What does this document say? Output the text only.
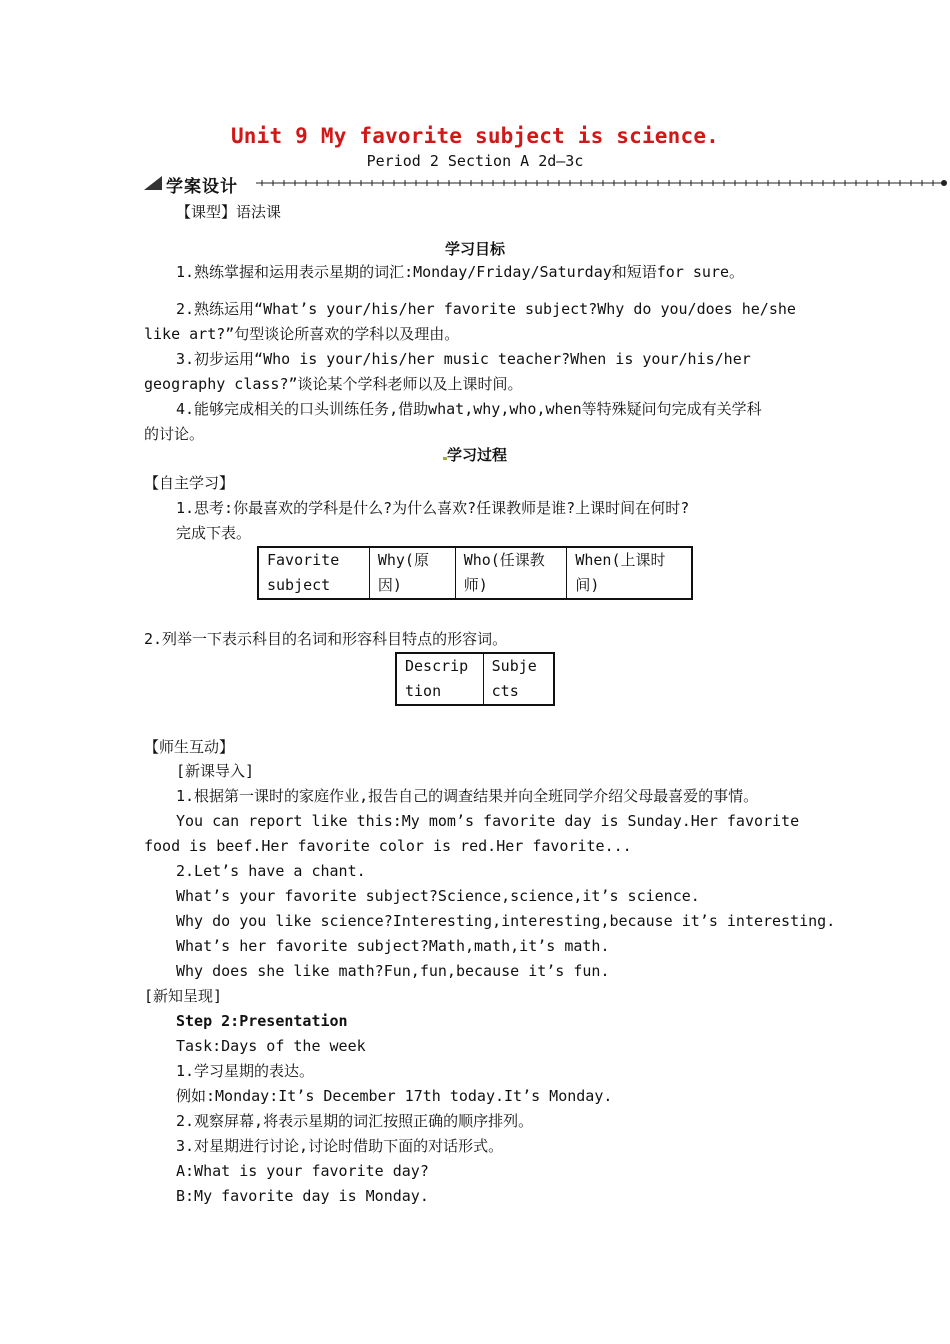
Unit 9 My favorite subject is science.
Period 2 Section A 2d—3c
学案设计
【课型】语法课
学习目标
1.熟练掌握和运用表示星期的词汇:Monday/Friday/Saturday和短语for sure。
2.熟练运用“What’s your/his/her favorite subject?Why do you/does he/she
like art?”句型谈论所喜欢的学科以及理由。
3.初步运用“Who is your/his/her music teacher?When is your/his/her
geography class?”谈论某个学科老师以及上课时间。
4.能够完成相关的口头训练任务,借助what,why,who,when等特殊疑问句完成有关学科
的讨论。
学习过程
【自主学习】
1.思考:你最喜欢的学科是什么?为什么喜欢?任课教师是谁?上课时间在何时?
完成下表。
Favorite subject	Why(原因)	Who(任课教师)	When(上课时间)
2.列举一下表示科目的名词和形容科目特点的形容词。
Description	Subjects
【师生互动】
[新课导入]
1.根据第一课时的家庭作业,报告自己的调查结果并向全班同学介绍父母最喜爱的事情。
You can report like this:My mom’s favorite day is Sunday.Her favorite
food is beef.Her favorite color is red.Her favorite...
2.Let’s have a chant.
What’s your favorite subject?Science,science,it’s science.
Why do you like science?Interesting,interesting,because it’s interesting.
What’s her favorite subject?Math,math,it’s math.
Why does she like math?Fun,fun,because it’s fun.
[新知呈现]
Step 2:Presentation
Task:Days of the week
1.学习星期的表达。
例如:Monday:It’s December 17th today.It’s Monday.
2.观察屏幕,将表示星期的词汇按照正确的顺序排列。
3.对星期进行讨论,讨论时借助下面的对话形式。
A:What is your favorite day?
B:My favorite day is Monday.
